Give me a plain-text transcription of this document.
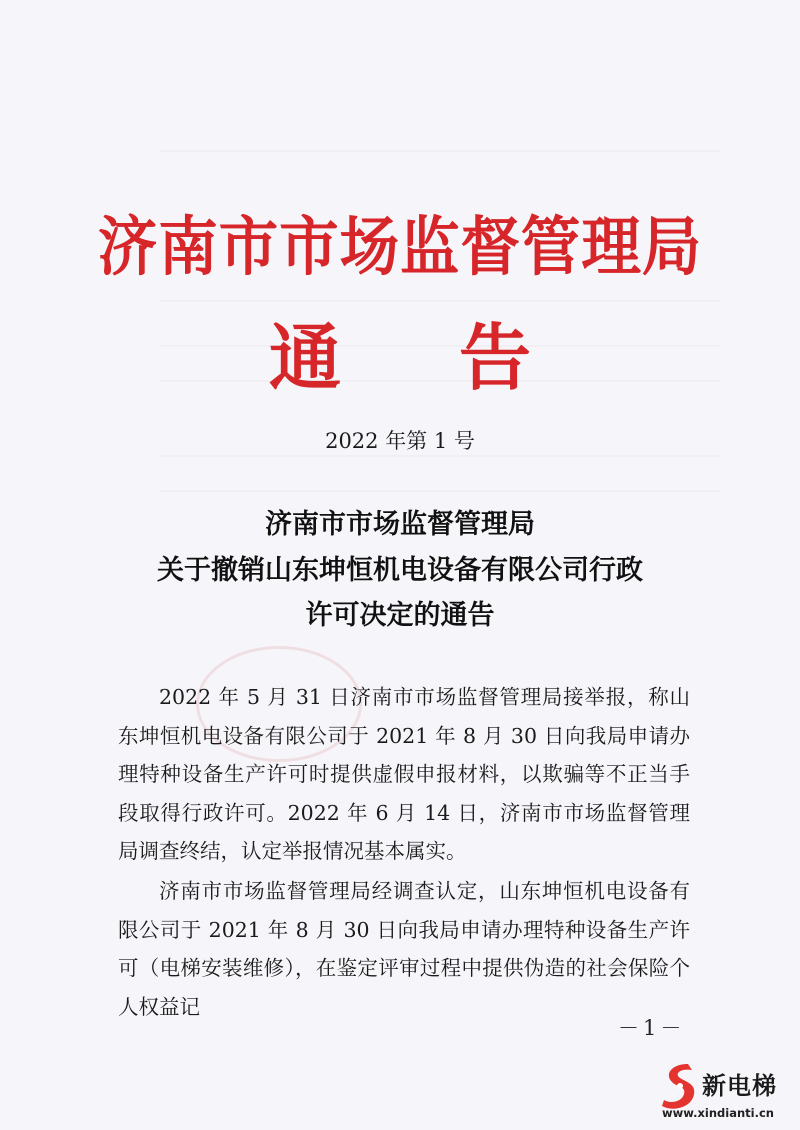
济南市市场监督管理局
通告
2022 年第 1 号
济南市市场监督管理局
关于撤销山东坤恒机电设备有限公司行政
许可决定的通告

2022 年 5 月 31 日济南市市场监督管理局接举报，称山东坤恒机电设备有限公司于 2021 年 8 月 30 日向我局申请办理特种设备生产许可时提供虚假申报材料，以欺骗等不正当手段取得行政许可。2022 年 6 月 14 日，济南市市场监督管理局调查终结，认定举报情况基本属实。

济南市市场监督管理局经调查认定，山东坤恒机电设备有限公司于 2021 年 8 月 30 日向我局申请办理特种设备生产许可（电梯安装维修），在鉴定评审过程中提供伪造的社会保险个人权益记

－1－
新电梯
www.xindianti.cn
